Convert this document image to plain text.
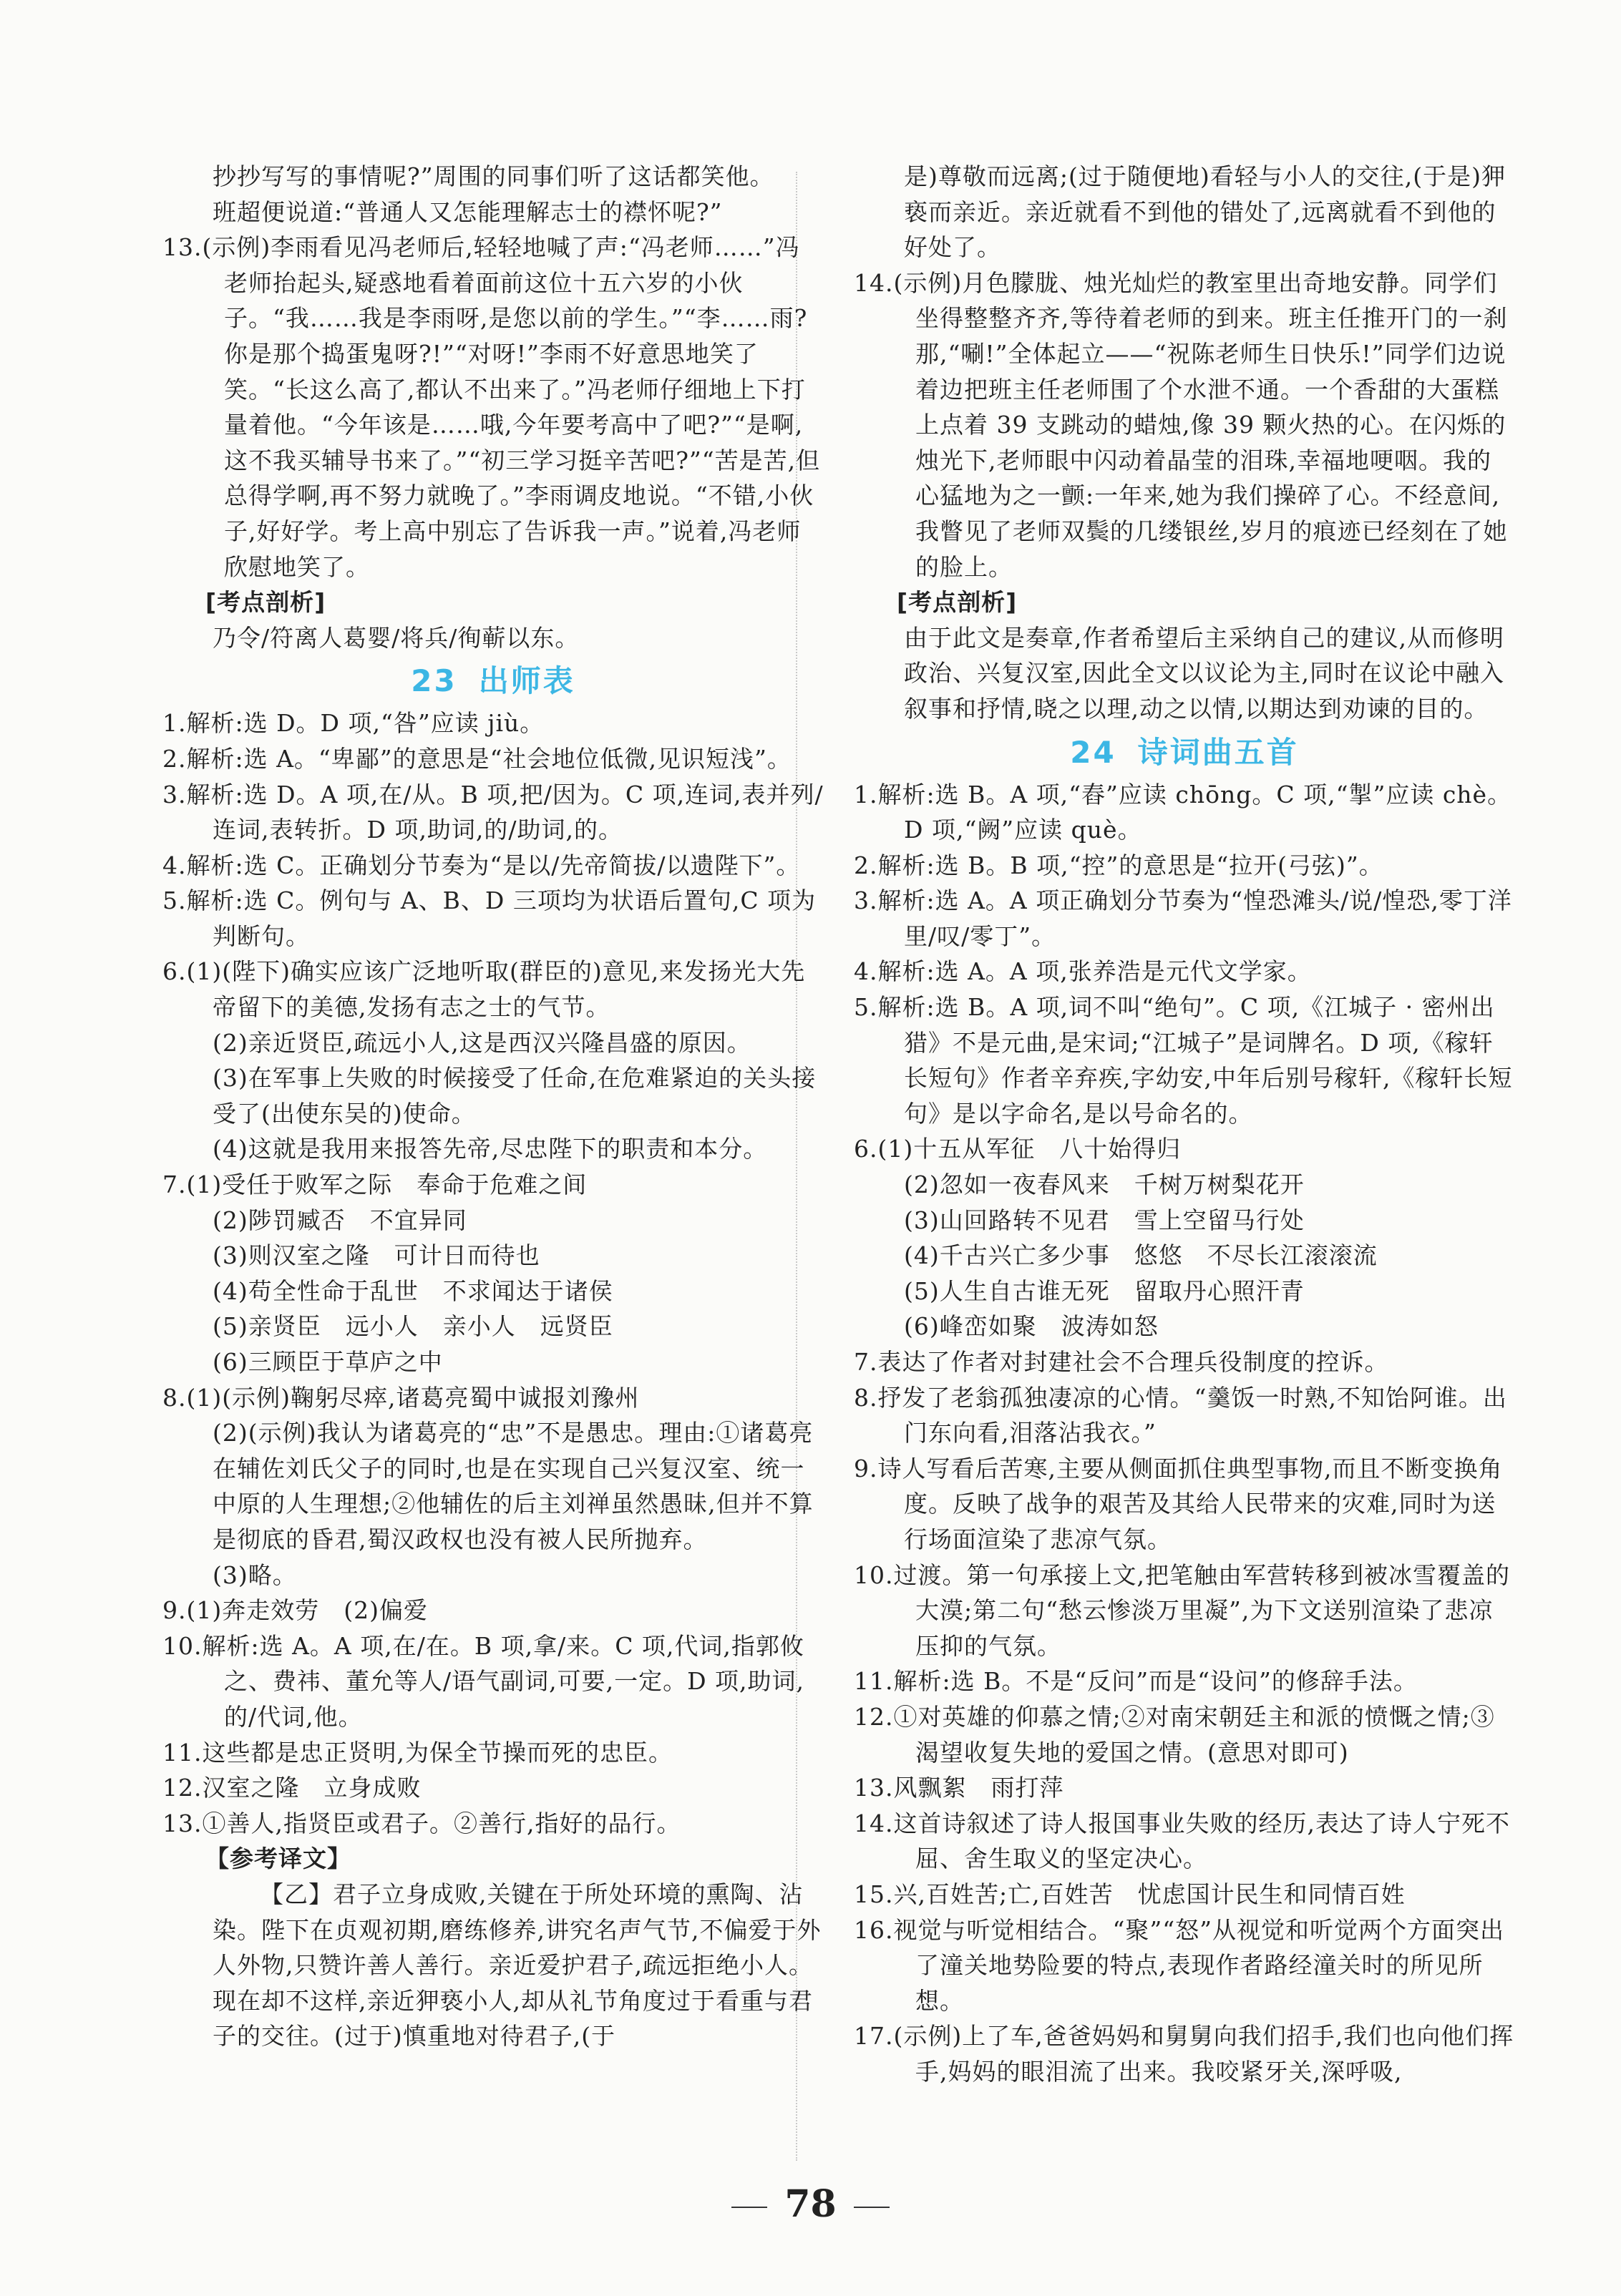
抄抄写写的事情呢?”周围的同事们听了这话都笑他。

班超便说道:“普通人又怎能理解志士的襟怀呢?”

13.(示例)李雨看见冯老师后,轻轻地喊了声:“冯老师……”冯老师抬起头,疑惑地看着面前这位十五六岁的小伙子。“我……我是李雨呀,是您以前的学生。”“李……雨? 你是那个捣蛋鬼呀?!”“对呀!”李雨不好意思地笑了笑。“长这么高了,都认不出来了。”冯老师仔细地上下打量着他。“今年该是……哦,今年要考高中了吧?”“是啊,这不我买辅导书来了。”“初三学习挺辛苦吧?”“苦是苦,但总得学啊,再不努力就晚了。”李雨调皮地说。“不错,小伙子,好好学。考上高中别忘了告诉我一声。”说着,冯老师欣慰地笑了。

[考点剖析]

乃令/符离人葛婴/将兵/徇蕲以东。

23 出师表

1.解析:选 D。D 项,“咎”应读 jiù。

2.解析:选 A。“卑鄙”的意思是“社会地位低微,见识短浅”。

3.解析:选 D。A 项,在/从。B 项,把/因为。C 项,连词,表并列/连词,表转折。D 项,助词,的/助词,的。

4.解析:选 C。正确划分节奏为“是以/先帝简拔/以遗陛下”。

5.解析:选 C。例句与 A、B、D 三项均为状语后置句,C 项为判断句。

6.(1)(陛下)确实应该广泛地听取(群臣的)意见,来发扬光大先帝留下的美德,发扬有志之士的气节。

(2)亲近贤臣,疏远小人,这是西汉兴隆昌盛的原因。

(3)在军事上失败的时候接受了任命,在危难紧迫的关头接受了(出使东吴的)使命。

(4)这就是我用来报答先帝,尽忠陛下的职责和本分。

7.(1)受任于败军之际　奉命于危难之间

(2)陟罚臧否　不宜异同

(3)则汉室之隆　可计日而待也

(4)苟全性命于乱世　不求闻达于诸侯

(5)亲贤臣　远小人　亲小人　远贤臣

(6)三顾臣于草庐之中

8.(1)(示例)鞠躬尽瘁,诸葛亮蜀中诚报刘豫州

(2)(示例)我认为诸葛亮的“忠”不是愚忠。理由:①诸葛亮在辅佐刘氏父子的同时,也是在实现自己兴复汉室、统一中原的人生理想;②他辅佐的后主刘禅虽然愚昧,但并不算是彻底的昏君,蜀汉政权也没有被人民所抛弃。

(3)略。

9.(1)奔走效劳　(2)偏爱

10.解析:选 A。A 项,在/在。B 项,拿/来。C 项,代词,指郭攸之、费祎、董允等人/语气副词,可要,一定。D 项,助词,的/代词,他。

11.这些都是忠正贤明,为保全节操而死的忠臣。

12.汉室之隆　立身成败

13.①善人,指贤臣或君子。②善行,指好的品行。

【参考译文】

【乙】君子立身成败,关键在于所处环境的熏陶、沾染。陛下在贞观初期,磨练修养,讲究名声气节,不偏爱于外人外物,只赞许善人善行。亲近爱护君子,疏远拒绝小人。现在却不这样,亲近狎亵小人,却从礼节角度过于看重与君子的交往。(过于)慎重地对待君子,(于

是)尊敬而远离;(过于随便地)看轻与小人的交往,(于是)狎亵而亲近。亲近就看不到他的错处了,远离就看不到他的好处了。

14.(示例)月色朦胧、烛光灿烂的教室里出奇地安静。同学们坐得整整齐齐,等待着老师的到来。班主任推开门的一刹那,“唰!”全体起立——“祝陈老师生日快乐!”同学们边说着边把班主任老师围了个水泄不通。一个香甜的大蛋糕上点着 39 支跳动的蜡烛,像 39 颗火热的心。在闪烁的烛光下,老师眼中闪动着晶莹的泪珠,幸福地哽咽。我的心猛地为之一颤:一年来,她为我们操碎了心。不经意间,我瞥见了老师双鬓的几缕银丝,岁月的痕迹已经刻在了她的脸上。

[考点剖析]

由于此文是奏章,作者希望后主采纳自己的建议,从而修明政治、兴复汉室,因此全文以议论为主,同时在议论中融入叙事和抒情,晓之以理,动之以情,以期达到劝谏的目的。

24 诗词曲五首

1.解析:选 B。A 项,“舂”应读 chōng。C 项,“掣”应读 chè。D 项,“阙”应读 què。

2.解析:选 B。B 项,“控”的意思是“拉开(弓弦)”。

3.解析:选 A。A 项正确划分节奏为“惶恐滩头/说/惶恐,零丁洋里/叹/零丁”。

4.解析:选 A。A 项,张养浩是元代文学家。

5.解析:选 B。A 项,词不叫“绝句”。C 项,《江城子 · 密州出猎》不是元曲,是宋词;“江城子”是词牌名。D 项,《稼轩长短句》作者辛弃疾,字幼安,中年后别号稼轩,《稼轩长短句》是以字命名,是以号命名的。

6.(1)十五从军征　八十始得归

(2)忽如一夜春风来　千树万树梨花开

(3)山回路转不见君　雪上空留马行处

(4)千古兴亡多少事　悠悠　不尽长江滚滚流

(5)人生自古谁无死　留取丹心照汗青

(6)峰峦如聚　波涛如怒

7.表达了作者对封建社会不合理兵役制度的控诉。

8.抒发了老翁孤独凄凉的心情。“羹饭一时熟,不知饴阿谁。出门东向看,泪落沾我衣。”

9.诗人写看后苦寒,主要从侧面抓住典型事物,而且不断变换角度。反映了战争的艰苦及其给人民带来的灾难,同时为送行场面渲染了悲凉气氛。

10.过渡。第一句承接上文,把笔触由军营转移到被冰雪覆盖的大漠;第二句“愁云惨淡万里凝”,为下文送别渲染了悲凉压抑的气氛。

11.解析:选 B。不是“反问”而是“设问”的修辞手法。

12.①对英雄的仰慕之情;②对南宋朝廷主和派的愤慨之情;③渴望收复失地的爱国之情。(意思对即可)

13.风飘絮　雨打萍

14.这首诗叙述了诗人报国事业失败的经历,表达了诗人宁死不屈、舍生取义的坚定决心。

15.兴,百姓苦;亡,百姓苦　忧虑国计民生和同情百姓

16.视觉与听觉相结合。“聚”“怒”从视觉和听觉两个方面突出了潼关地势险要的特点,表现作者路经潼关时的所见所想。

17.(示例)上了车,爸爸妈妈和舅舅向我们招手,我们也向他们挥手,妈妈的眼泪流了出来。我咬紧牙关,深呼吸,

78
